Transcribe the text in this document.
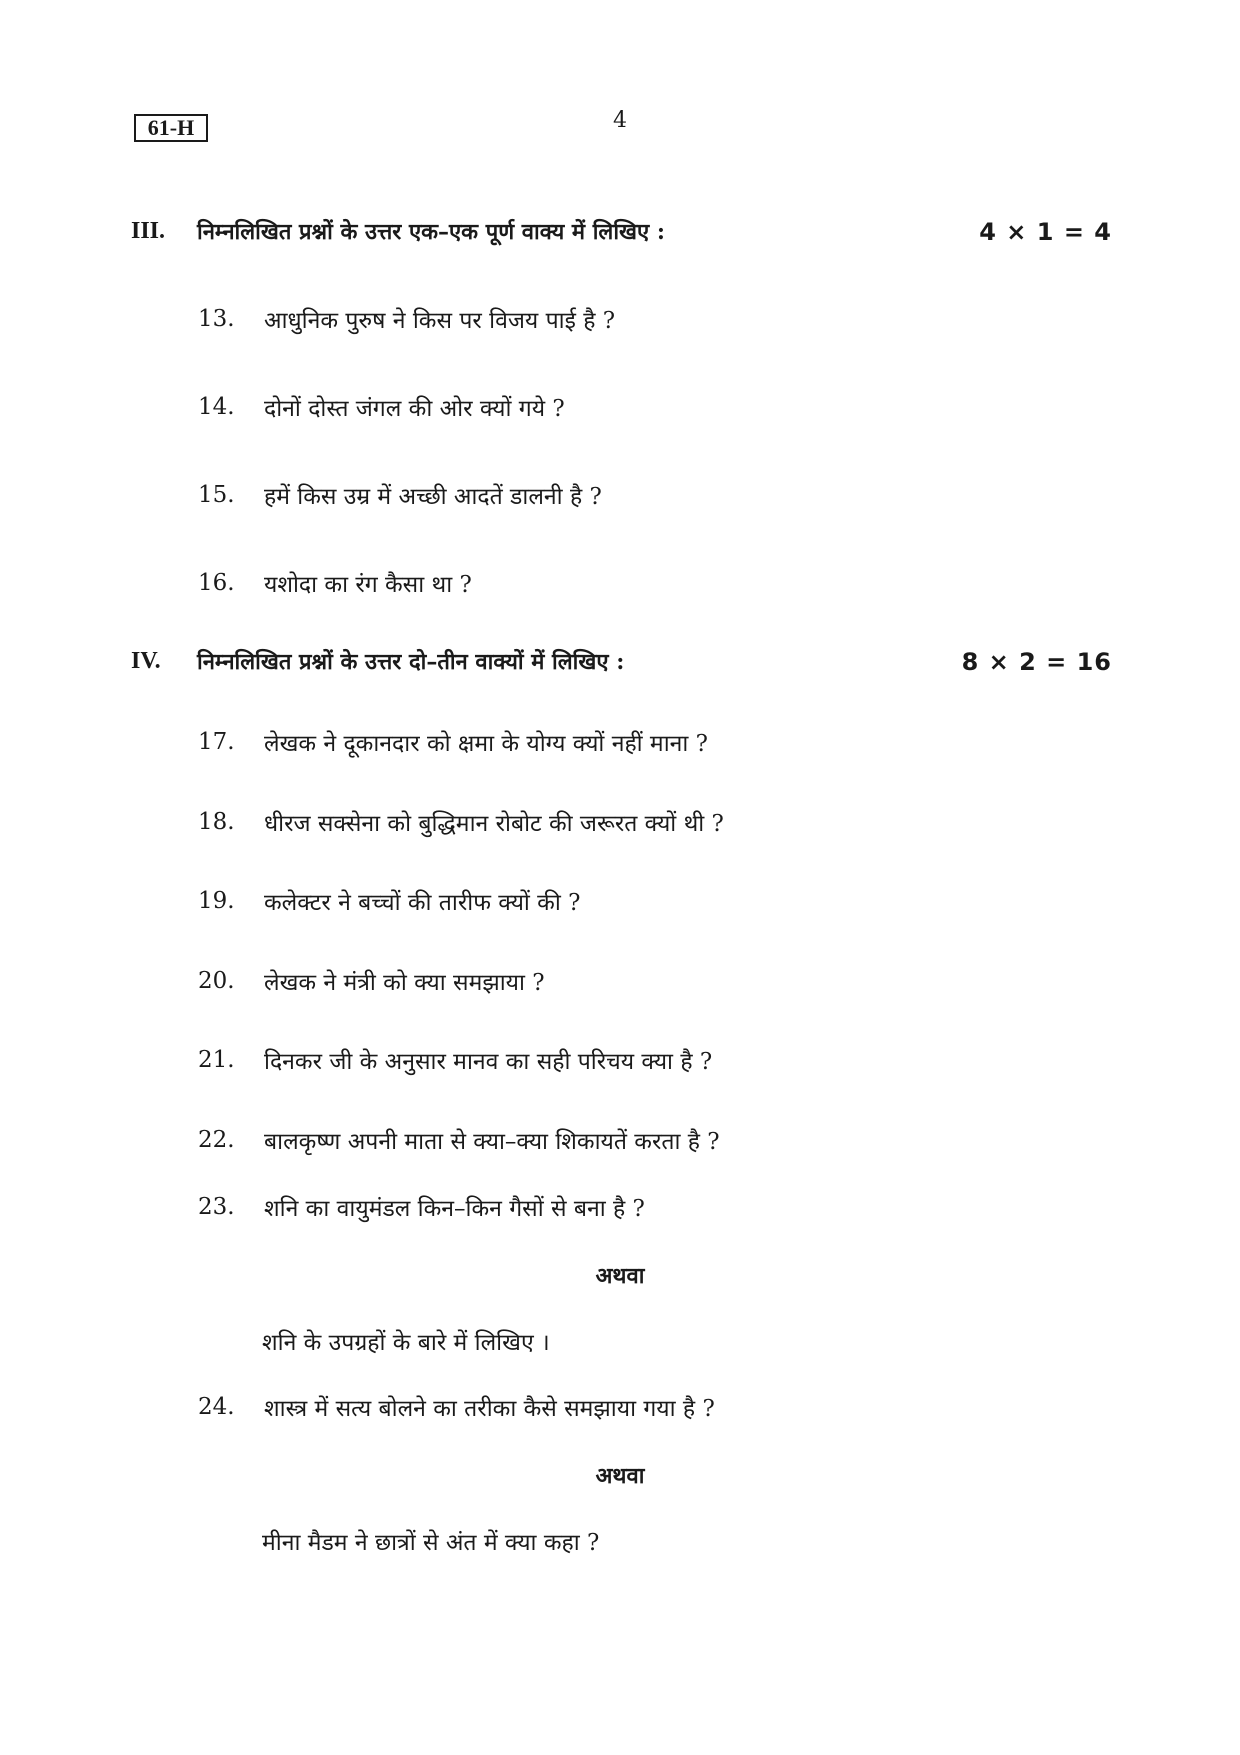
61-H	4
III. निम्नलिखित प्रश्नों के उत्तर एक–एक पूर्ण वाक्य में लिखिए :	4 × 1 = 4
13. आधुनिक पुरुष ने किस पर विजय पाई है ?
14. दोनों दोस्त जंगल की ओर क्यों गये ?
15. हमें किस उम्र में अच्छी आदतें डालनी है ?
16. यशोदा का रंग कैसा था ?
IV. निम्नलिखित प्रश्नों के उत्तर दो–तीन वाक्यों में लिखिए :	8 × 2 = 16
17. लेखक ने दूकानदार को क्षमा के योग्य क्यों नहीं माना ?
18. धीरज सक्सेना को बुद्धिमान रोबोट की जरूरत क्यों थी ?
19. कलेक्टर ने बच्चों की तारीफ क्यों की ?
20. लेखक ने मंत्री को क्या समझाया ?
21. दिनकर जी के अनुसार मानव का सही परिचय क्या है ?
22. बालकृष्ण अपनी माता से क्या–क्या शिकायतें करता है ?
23. शनि का वायुमंडल किन–किन गैसों से बना है ?
अथवा
शनि के उपग्रहों के बारे में लिखिए ।
24. शास्त्र में सत्य बोलने का तरीका कैसे समझाया गया है ?
अथवा
मीना मैडम ने छात्रों से अंत में क्या कहा ?
